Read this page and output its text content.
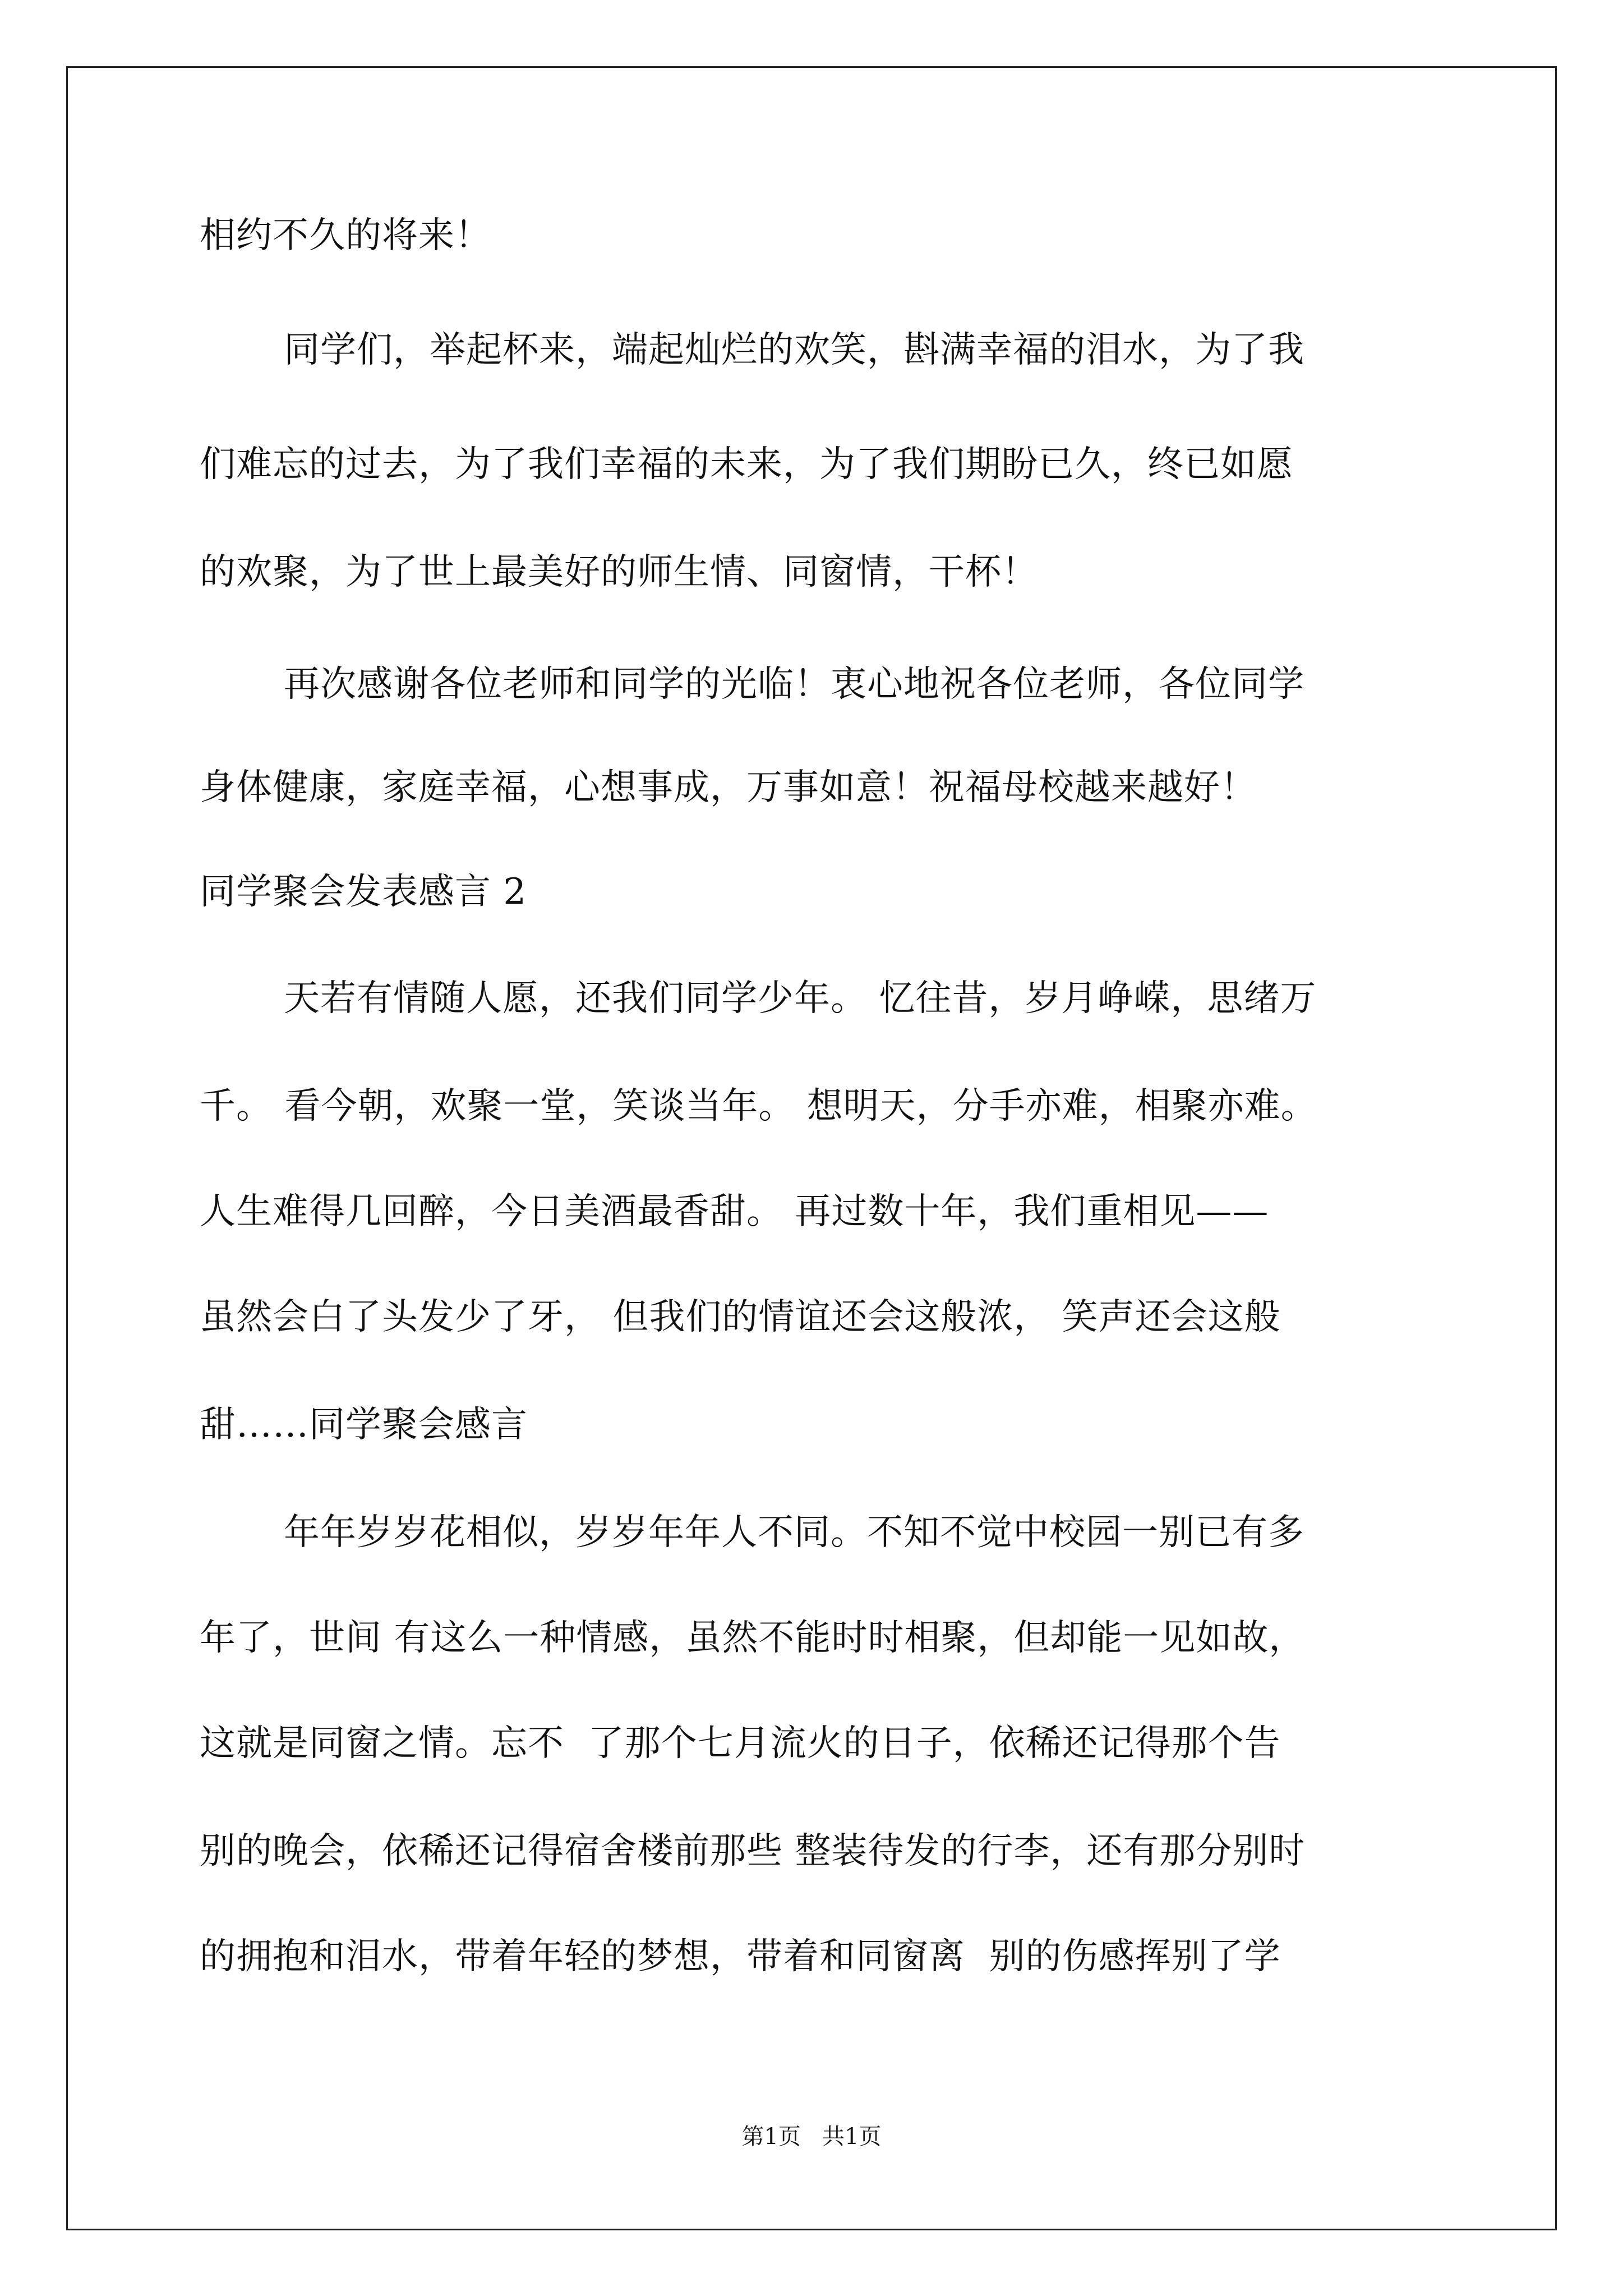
相约不久的将来！
同学们，举起杯来，端起灿烂的欢笑，斟满幸福的泪水，为了我
们难忘的过去，为了我们幸福的未来，为了我们期盼已久，终已如愿
的欢聚，为了世上最美好的师生情、同窗情，干杯！
再次感谢各位老师和同学的光临！衷心地祝各位老师，各位同学
身体健康，家庭幸福，心想事成，万事如意！祝福母校越来越好！
同学聚会发表感言 2
天若有情随人愿，还我们同学少年。 忆往昔，岁月峥嵘，思绪万
千。 看今朝，欢聚一堂，笑谈当年。 想明天，分手亦难，相聚亦难。
人生难得几回醉，今日美酒最香甜。 再过数十年，我们重相见——
虽然会白了头发少了牙， 但我们的情谊还会这般浓， 笑声还会这般
甜……同学聚会感言
年年岁岁花相似，岁岁年年人不同。不知不觉中校园一别已有多
年了，世间 有这么一种情感，虽然不能时时相聚，但却能一见如故，
这就是同窗之情。忘不  了那个七月流火的日子，依稀还记得那个告
别的晚会，依稀还记得宿舍楼前那些 整装待发的行李，还有那分别时
的拥抱和泪水，带着年轻的梦想，带着和同窗离  别的伤感挥别了学
第1页   共1页
